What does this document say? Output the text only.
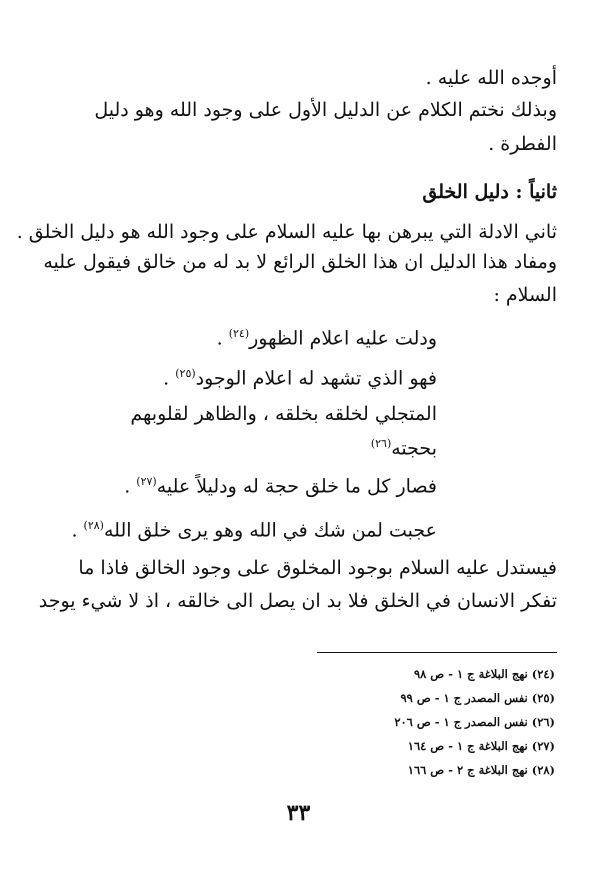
أوجده الله عليه .
وبذلك نختم الكلام عن الدليل الأول على وجود الله وهو دليل
الفطرة .
ثانياً : دليل الخلق
ثاني الادلة التي يبرهن بها عليه السلام على وجود الله هو دليل الخلق .
ومفاد هذا الدليل ان هذا الخلق الرائع لا بد له من خالق فيقول عليه
السلام :
ودلت عليه اعلام الظهور$^{(٢٤)}$ .
فهو الذي تشهد له اعلام الوجود$^{(٢٥)}$ .
المتجلي لخلقه بخلقه ، والظاهر لقلوبهم
بحجته$^{(٢٦)}$
فصار كل ما خلق حجة له ودليلاً عليه$^{(٢٧)}$ .
عجبت لمن شك في الله وهو يرى خلق الله$^{(٢٨)}$ .
فيستدل عليه السلام بوجود المخلوق على وجود الخالق فاذا ما
تفكر الانسان في الخلق فلا بد ان يصل الى خالقه ، اذ لا شيء يوجد
(٢٤) نهج البلاغة ج ١ - ص ٩٨
(٢٥) نفس المصدر ج ١ - ص ٩٩
(٢٦) نفس المصدر ج ١ - ص ٢٠٦
(٢٧) نهج البلاغة ج ١ - ص ١٦٤
(٢٨) نهج البلاغة ج ٢ - ص ١٦٦
٣٣
